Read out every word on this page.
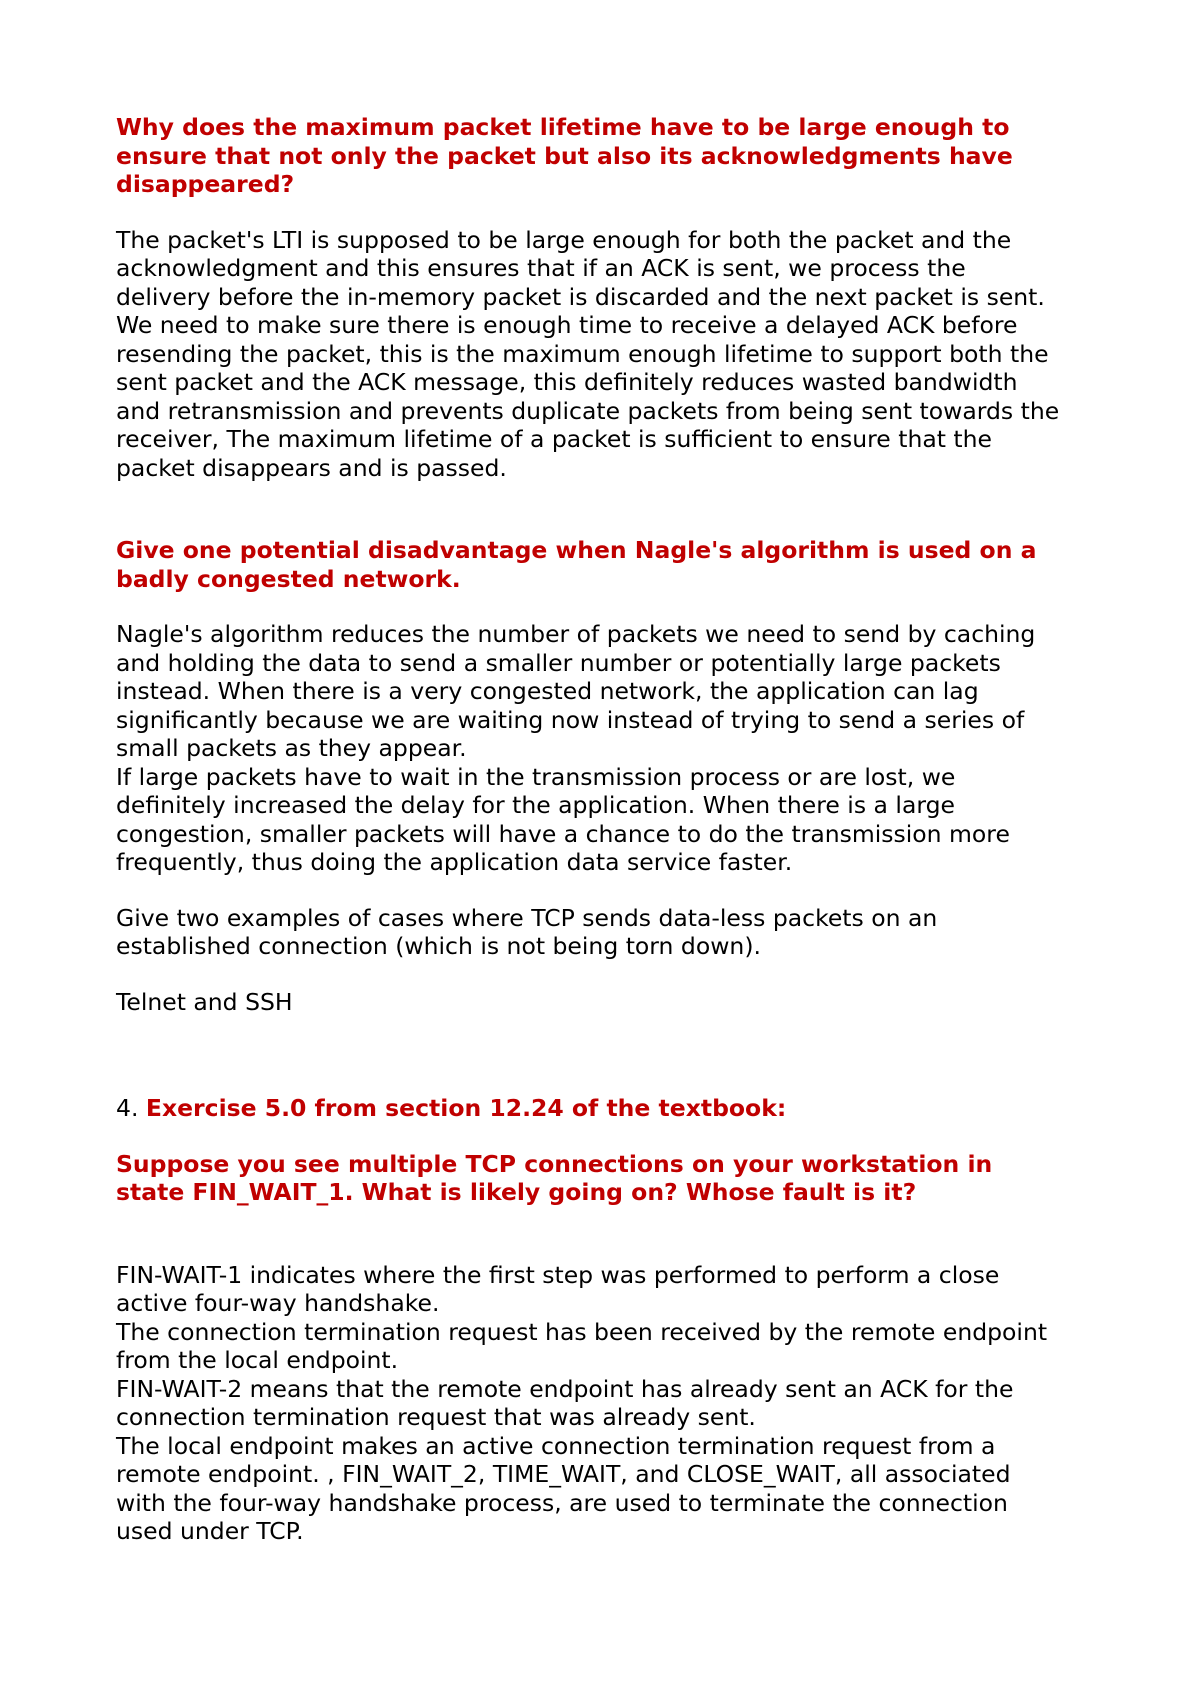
Why does the maximum packet lifetime have to be large enough to
ensure that not only the packet but also its acknowledgments have
disappeared?
The packet's LTI is supposed to be large enough for both the packet and the
acknowledgment and this ensures that if an ACK is sent, we process the
delivery before the in-memory packet is discarded and the next packet is sent.
We need to make sure there is enough time to receive a delayed ACK before
resending the packet, this is the maximum enough lifetime to support both the
sent packet and the ACK message, this definitely reduces wasted bandwidth
and retransmission and prevents duplicate packets from being sent towards the
receiver, The maximum lifetime of a packet is sufficient to ensure that the
packet disappears and is passed.
Give one potential disadvantage when Nagle's algorithm is used on a
badly congested network.
Nagle's algorithm reduces the number of packets we need to send by caching
and holding the data to send a smaller number or potentially large packets
instead. When there is a very congested network, the application can lag
significantly because we are waiting now instead of trying to send a series of
small packets as they appear.
If large packets have to wait in the transmission process or are lost, we
definitely increased the delay for the application. When there is a large
congestion, smaller packets will have a chance to do the transmission more
frequently, thus doing the application data service faster.
Give two examples of cases where TCP sends data-less packets on an
established connection (which is not being torn down).
Telnet and SSH
4. Exercise 5.0 from section 12.24 of the textbook:
Suppose you see multiple TCP connections on your workstation in
state FIN_WAIT_1. What is likely going on? Whose fault is it?
FIN-WAIT-1 indicates where the first step was performed to perform a close
active four-way handshake.
The connection termination request has been received by the remote endpoint
from the local endpoint.
FIN-WAIT-2 means that the remote endpoint has already sent an ACK for the
connection termination request that was already sent.
The local endpoint makes an active connection termination request from a
remote endpoint. , FIN_WAIT_2, TIME_WAIT, and CLOSE_WAIT, all associated
with the four-way handshake process, are used to terminate the connection
used under TCP.
